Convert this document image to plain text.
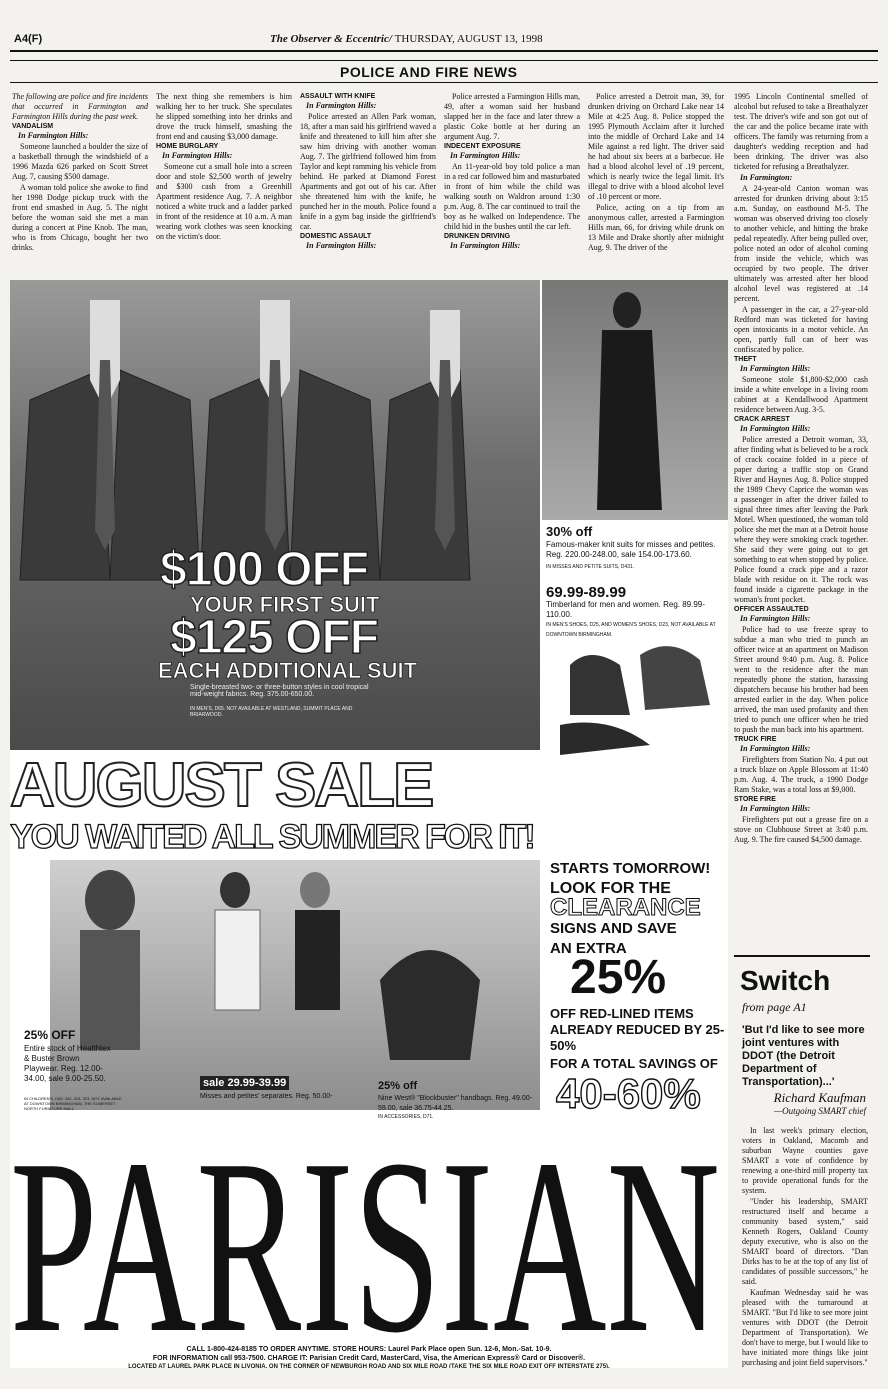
A4(F)	The Observer & Eccentric/ THURSDAY, AUGUST 13, 1998
POLICE AND FIRE NEWS

The following are police and fire incidents that occurred in Farmington and Farmington Hills during the past week.

VANDALISM

In Farmington Hills:

Someone launched a boulder the size of a basketball through the windshield of a 1996 Mazda 626 parked on Scott Street Aug. 7, causing $500 damage.

A woman told police she awoke to find her 1998 Dodge pickup truck with the front end smashed in Aug. 5. The night before the woman said she met a man during a concert at Pine Knob. The man, who is from Chicago, bought her two drinks.

The next thing she remembers is him walking her to her truck. She speculates he slipped something into her drinks and drove the truck himself, smashing the front end and causing $3,000 damage.

HOME BURGLARY

In Farmington Hills:

Someone cut a small hole into a screen door and stole $2,500 worth of jewelry and $300 cash from a Greenhill Apartment residence Aug. 7. A neighbor noticed a white truck and a ladder parked in front of the residence at 10 a.m. A man wearing work clothes was seen knocking on the victim's door.

ASSAULT WITH KNIFE

In Farmington Hills:

Police arrested an Allen Park woman, 18, after a man said his girlfriend waved a knife and threatened to kill him after she saw him driving with another woman Aug. 7. The girlfriend followed him from Taylor and kept ramming his vehicle from behind. He parked at Diamond Forest Apartments and got out of his car. After she threatened him with the knife, he punched her in the mouth. Police found a knife in a gym bag inside the girlfriend's car.

DOMESTIC ASSAULT

In Farmington Hills:

Police arrested a Farmington Hills man, 49, after a woman said her husband slapped her in the face and later threw a plastic Coke bottle at her during an argument Aug. 7.

INDECENT EXPOSURE

In Farmington Hills:

An 11-year-old boy told police a man in a red car followed him and masturbated in front of him while the child was walking south on Waldron around 1:30 p.m. Aug. 8. The car continued to trail the boy as he walked on Independence. The child hid in the bushes until the car left.

DRUNKEN DRIVING

In Farmington Hills:

Police arrested a Detroit man, 39, for drunken driving on Orchard Lake near 14 Mile at 4:25 Aug. 8. Police stopped the 1995 Plymouth Acclaim after it lurched into the middle of Orchard Lake and 14 Mile against a red light. The driver said he had about six beers at a barbecue. He had a blood alcohol level of .19 percent, which is nearly twice the legal limit. It's illegal to drive with a blood alcohol level of .10 percent or more.

Police, acting on a tip from an anonymous caller, arrested a Farmington Hills man, 66, for driving while drunk on 13 Mile and Drake shortly after midnight Aug. 9. The driver of the

1995 Lincoln Continental smelled of alcohol but refused to take a Breathalyzer test. The driver's wife and son got out of the car and the police became irate with officers. The family was returning from a daughter's wedding reception and had been drinking. The driver was also ticketed for refusing a Breathalyzer.

In Farmington:

A 24-year-old Canton woman was arrested for drunken driving about 3:15 a.m. Sunday, on eastbound M-5. The woman was observed driving too closely to another vehicle, and hitting the brake pedal repeatedly. After being pulled over, police noted an odor of alcohol coming from inside the vehicle, which was occupied by two people. The driver ultimately was arrested after her blood alcohol level was registered at .14 percent.

A passenger in the car, a 27-year-old Redford man was ticketed for having open intoxicants in a motor vehicle. An open, partly full can of beer was confiscated by police.

THEFT

In Farmington Hills:

Someone stole $1,800-$2,000 cash inside a white envelope in a living room cabinet at a Kendallwood Apartment residence between Aug. 3-5.

CRACK ARREST

In Farmington Hills:

Police arrested a Detroit woman, 33, after finding what is believed to be a rock of crack cocaine folded in a piece of paper during a traffic stop on Grand River and Haynes Aug. 8. Police stopped the 1989 Chevy Caprice the woman was a passenger in after the driver failed to signal three times after leaving the Park Motel. When questioned, the woman told police she met the man at a Detroit house where they were smoking crack together. She said they were going out to get something to eat when stopped by police. Police found a crack pipe and a razor blade with residue on it. The rock was found inside a cigarette package in the woman's front pocket.

OFFICER ASSAULTED

In Farmington Hills:

Police had to use freeze spray to subdue a man who tried to punch an officer twice at an apartment on Madison Street around 9:40 p.m. Aug. 8. Police went to the residence after the man repeatedly phone the station, harassing dispatchers because his brother had been arrested earlier in the day. When police arrived, the man used profanity and then tried to punch one officer when he tried to push the man back into his apartment.

TRUCK FIRE

In Farmington Hills:

Firefighters from Station No. 4 put out a truck blaze on Apple Blossom at 11:40 p.m. Aug. 4. The truck, a 1990 Dodge Ram Stake, was a total loss at $9,000.

STORE FIRE

In Farmington Hills:

Firefighters put out a grease fire on a stove on Clubhouse Street at 3:40 p.m. Aug. 9. The fire caused $4,500 damage.

Switch
from page A1
'But I'd like to see more joint ventures with DDOT (the Detroit Department of Transportation)...'
Richard Kaufman
—Outgoing SMART chief

In last week's primary election, voters in Oakland, Macomb and suburban Wayne counties gave SMART a vote of confidence by renewing a one-third mill property tax to provide operational funds for the system.

"Under his leadership, SMART restructured itself and became a community based system," said Kenneth Rogers, Oakland County deputy executive, who is also on the SMART board of directors. "Dan Dirks has to be at the top of any list of candidates of possible successors," he said.

Kaufman Wednesday said he was pleased with the turnaround at SMART. "But I'd like to see more joint ventures with DDOT (the Detroit Department of Transportation). We don't have to merge, but I would like to have initiated more things like joint purchasing and joint field supervisors."

$100 OFF
YOUR FIRST SUIT
$125 OFF
EACH ADDITIONAL SUIT
Single-breasted two- or three-button styles in cool tropical mid-weight fabrics. Reg. 375.00-650.00.
IN MEN'S, D65. NOT AVAILABLE AT WESTLAND, SUMMIT PLACE AND BRIARWOOD.
30% off
Famous-maker knit suits for misses and petites. Reg. 220.00-248.00, sale 154.00-173.60.
IN MISSES AND PETITE SUITS, D431.
69.99-89.99
Timberland for men and women. Reg. 89.99-110.00.
IN MEN'S SHOES, D25, AND WOMEN'S SHOES, D23, NOT AVAILABLE AT DOWNTOWN BIRMINGHAM.
AUGUST SALE
YOU WAITED ALL SUMMER FOR IT!
25% OFF
Entire stock of Healthtex & Buster Brown Playwear. Reg. 12.00-34.00, sale 9.00-25.50.
IN CHILDREN'S, D58, 342, 315, 323. NOT AVAILABLE AT DOWNTOWN BIRMINGHAM, THE SOMERSET NORTH FURNITURE MALL.
sale 29.99-39.99
Misses and petites' separates. Reg. 50.00-
25% off
Nine West® "Blockbuster" handbags. Reg. 49.00-59.00, sale 36.75-44.25.
IN ACCESSORIES, D71.
STARTS TOMORROW!
LOOK FOR THE
CLEARANCE
SIGNS AND SAVE
AN EXTRA
25%
OFF RED-LINED ITEMS ALREADY REDUCED BY 25-50%
FOR A TOTAL SAVINGS OF
40-60%
PARISIAN
CALL 1-800-424-8185 TO ORDER ANYTIME. STORE HOURS: Laurel Park Place open Sun. 12-6, Mon.-Sat. 10-9.
FOR INFORMATION call 953-7500. CHARGE IT: Parisian Credit Card, MasterCard, Visa, the American Express® Card or Discover®.
LOCATED AT LAUREL PARK PLACE IN LIVONIA, ON THE CORNER OF NEWBURGH ROAD AND SIX MILE ROAD (TAKE THE SIX MILE ROAD EXIT OFF INTERSTATE 275).
